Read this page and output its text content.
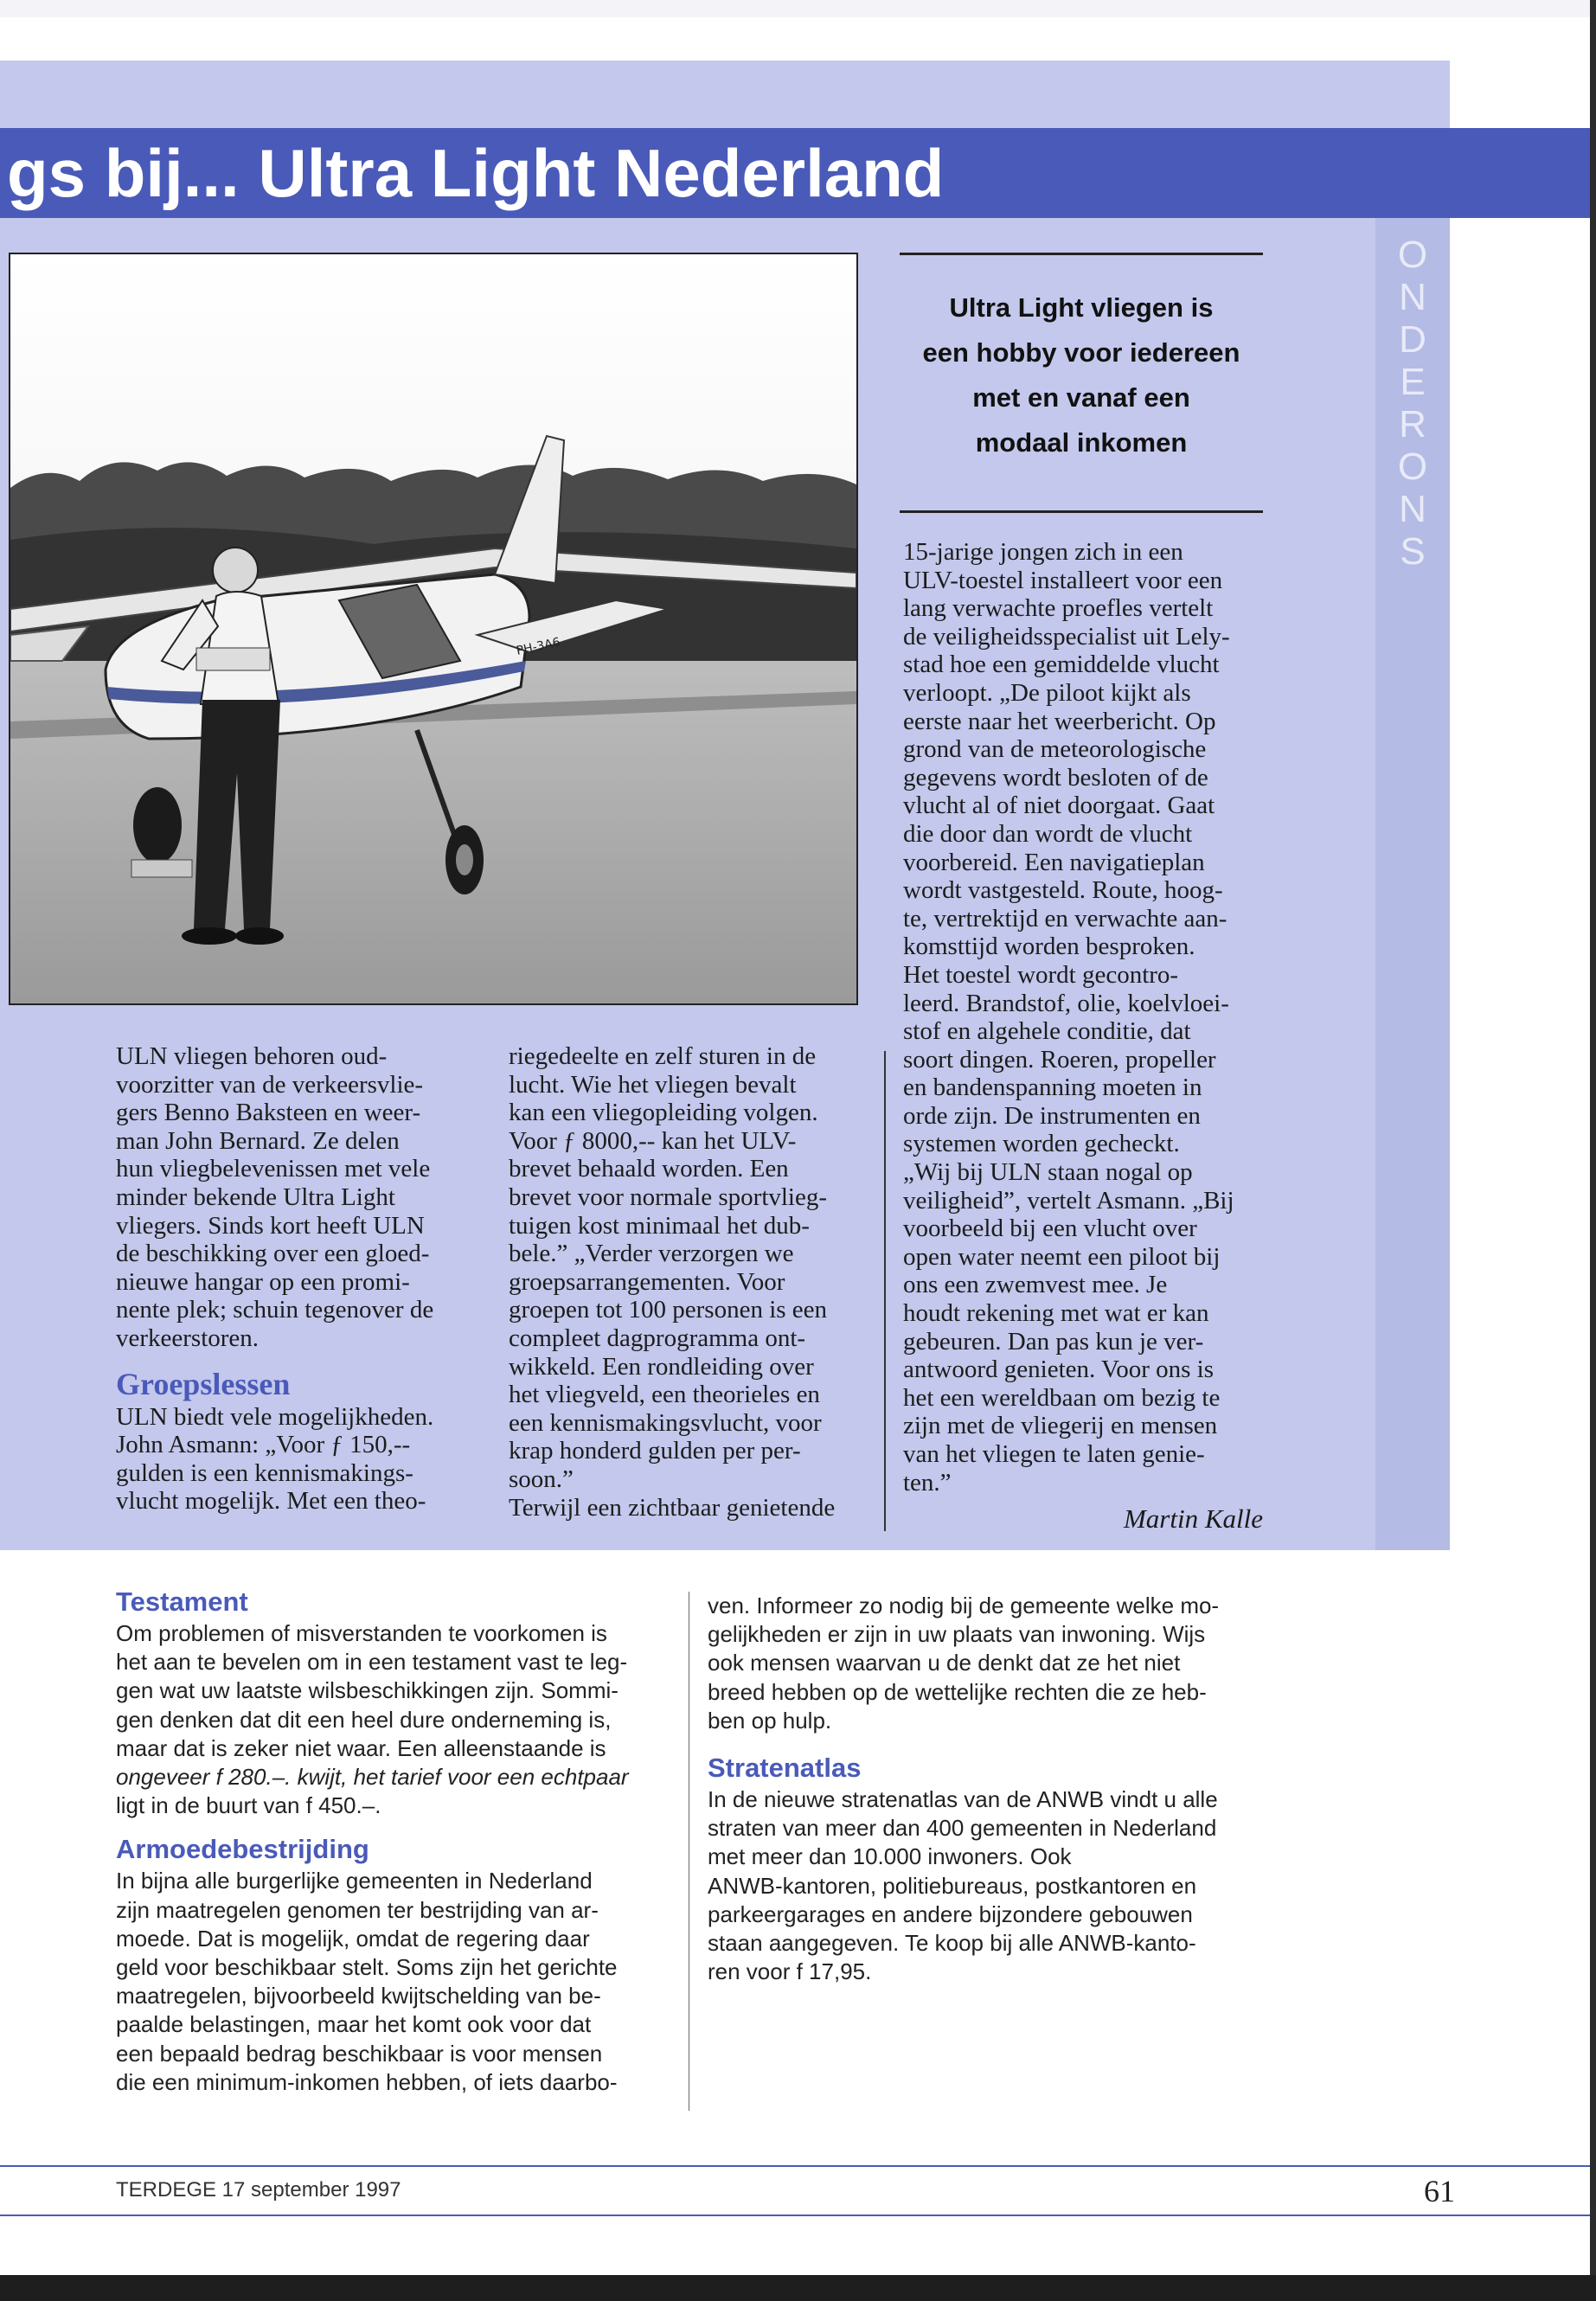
O
N
D
E
R
O
N
S
gs bij... Ultra Light Nederland
PH-3A6
Ultra Light vliegen is
een hobby voor iedereen
met en vanaf een
modaal inkomen

ULN vliegen behoren oud-

voorzitter van de verkeersvlie-

gers Benno Baksteen en weer-

man John Bernard. Ze delen

hun vliegbelevenissen met vele

minder bekende Ultra Light

vliegers. Sinds kort heeft ULN

de beschikking over een gloed-

nieuwe hangar op een promi-

nente plek; schuin tegenover de

verkeerstoren.

Groepslessen

ULN biedt vele mogelijkheden.

John Asmann: „Voor ƒ 150,--

gulden is een kennismakings-

vlucht mogelijk. Met een theo-

riegedeelte en zelf sturen in de

lucht. Wie het vliegen bevalt

kan een vliegopleiding volgen.

Voor ƒ 8000,-- kan het ULV-

brevet behaald worden. Een

brevet voor normale sportvlieg-

tuigen kost minimaal het dub-

bele.” „Verder verzorgen we

groepsarrangementen. Voor

groepen tot 100 personen is een

compleet dagprogramma ont-

wikkeld. Een rondleiding over

het vliegveld, een theorieles en

een kennismakingsvlucht, voor

krap honderd gulden per per-

soon.”

Terwijl een zichtbaar genietende

15-jarige jongen zich in een

ULV-toestel installeert voor een

lang verwachte proefles vertelt

de veiligheidsspecialist uit Lely-

stad hoe een gemiddelde vlucht

verloopt. „De piloot kijkt als

eerste naar het weerbericht. Op

grond van de meteorologische

gegevens wordt besloten of de

vlucht al of niet doorgaat. Gaat

die door dan wordt de vlucht

voorbereid. Een navigatieplan

wordt vastgesteld. Route, hoog-

te, vertrektijd en verwachte aan-

komsttijd worden besproken.

Het toestel wordt gecontro-

leerd. Brandstof, olie, koelvloei-

stof en algehele conditie, dat

soort dingen. Roeren, propeller

en bandenspanning moeten in

orde zijn. De instrumenten en

systemen worden gecheckt.

„Wij bij ULN staan nogal op

veiligheid”, vertelt Asmann. „Bij

voorbeeld bij een vlucht over

open water neemt een piloot bij

ons een zwemvest mee. Je

houdt rekening met wat er kan

gebeuren. Dan pas kun je ver-

antwoord genieten. Voor ons is

het een wereldbaan om bezig te

zijn met de vliegerij en mensen

van het vliegen te laten genie-

ten.”

Martin Kalle
Testament

Om problemen of misverstanden te voorkomen is

het aan te bevelen om in een testament vast te leg-

gen wat uw laatste wilsbeschikkingen zijn. Sommi-

gen denken dat dit een heel dure onderneming is,

maar dat is zeker niet waar. Een alleenstaande is

ongeveer f 280.–. kwijt, het tarief voor een echtpaar

ligt in de buurt van f 450.–.

Armoedebestrijding

In bijna alle burgerlijke gemeenten in Nederland

zijn maatregelen genomen ter bestrijding van ar-

moede. Dat is mogelijk, omdat de regering daar

geld voor beschikbaar stelt. Soms zijn het gerichte

maatregelen, bijvoorbeeld kwijtschelding van be-

paalde belastingen, maar het komt ook voor dat

een bepaald bedrag beschikbaar is voor mensen

die een minimum-inkomen hebben, of iets daarbo-

ven. Informeer zo nodig bij de gemeente welke mo-

gelijkheden er zijn in uw plaats van inwoning. Wijs

ook mensen waarvan u de denkt dat ze het niet

breed hebben op de wettelijke rechten die ze heb-

ben op hulp.

Stratenatlas

In de nieuwe stratenatlas van de ANWB vindt u alle

straten van meer dan 400 gemeenten in Nederland

met meer dan 10.000 inwoners. Ook

ANWB-kantoren, politiebureaus, postkantoren en

parkeergarages en andere bijzondere gebouwen

staan aangegeven. Te koop bij alle ANWB-kanto-

ren voor f 17,95.

TERDEGE 17 september 1997	61
